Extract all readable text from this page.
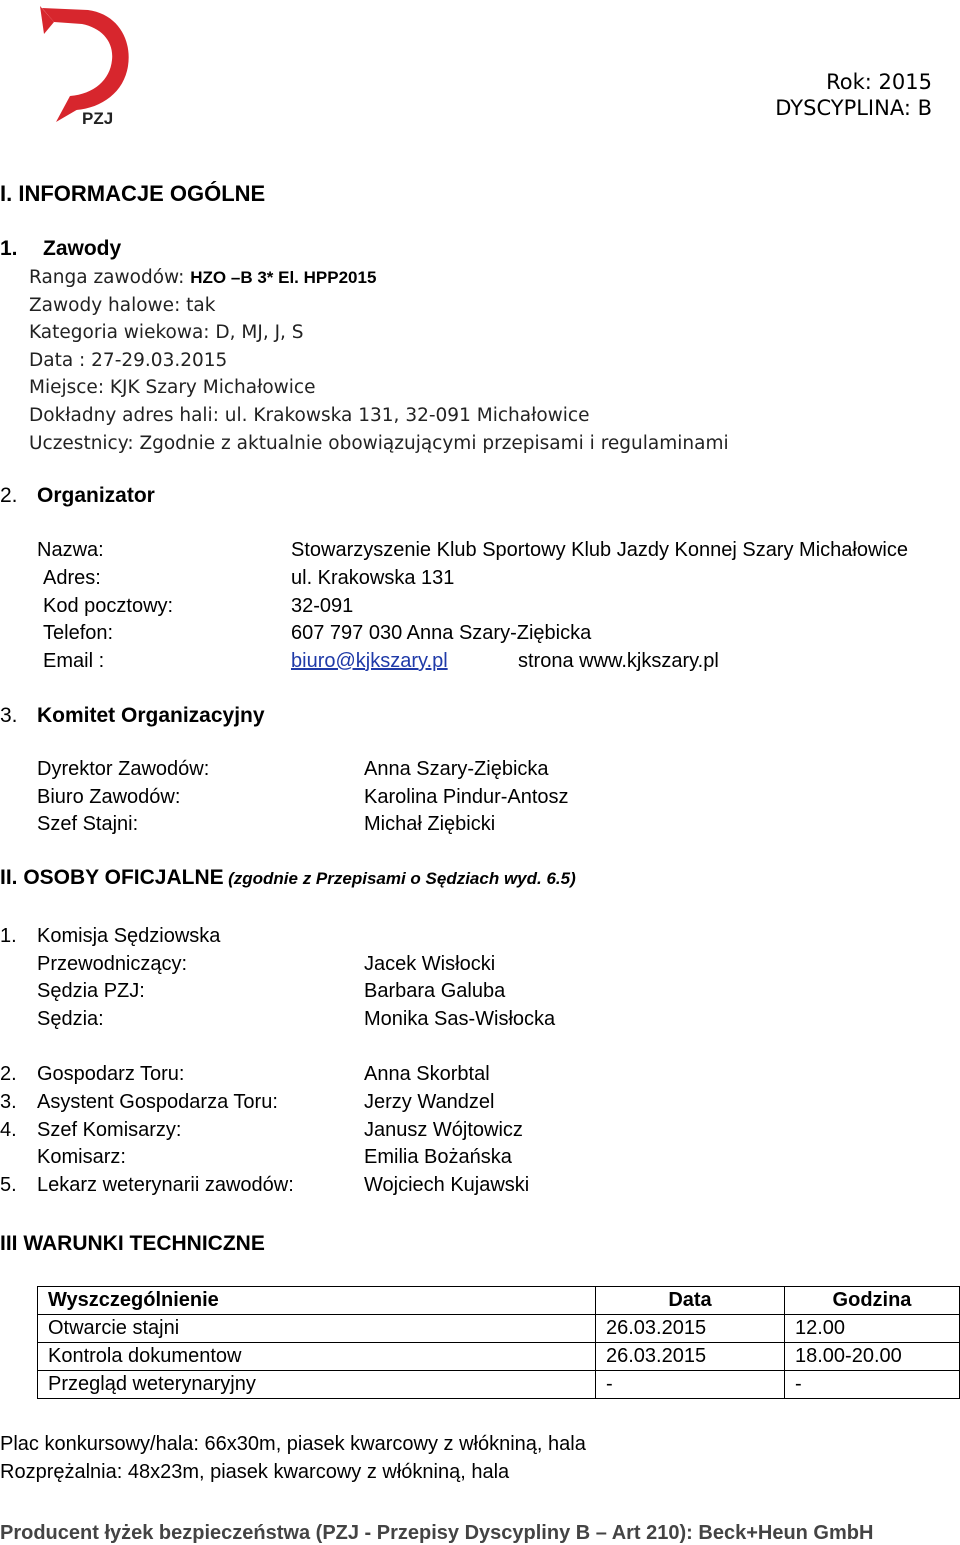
PZJ
Rok: 2015
DYSCYPLINA: B
I. INFORMACJE OGÓLNE
1. Zawody
Ranga zawodów: HZO –B 3* El. HPP2015
Zawody halowe: tak
Kategoria wiekowa: D, MJ, J, S
Data : 27-29.03.2015
Miejsce: KJK Szary Michałowice
Dokładny adres hali: ul. Krakowska 131, 32-091 Michałowice
Uczestnicy: Zgodnie z aktualnie obowiązującymi przepisami i regulaminami
2. Organizator
Nazwa:	Stowarzyszenie Klub Sportowy Klub Jazdy Konnej Szary Michałowice
Adres:	ul. Krakowska 131
Kod pocztowy:	32-091
Telefon:	607 797 030 Anna Szary-Ziębicka
Email :	biuro@kjkszary.pl	strona www.kjkszary.pl
3. Komitet Organizacyjny
Dyrektor Zawodów:	Anna Szary-Ziębicka
Biuro Zawodów:	Karolina Pindur-Antosz
Szef Stajni:	Michał Ziębicki
II. OSOBY OFICJALNE (zgodnie z Przepisami o Sędziach wyd. 6.5)
1. Komisja Sędziowska
Przewodniczący:	Jacek Wisłocki
Sędzia PZJ:	Barbara Galuba
Sędzia:	Monika Sas-Wisłocka
2. Gospodarz Toru:	Anna Skorbtal
3. Asystent Gospodarza Toru:	Jerzy Wandzel
4. Szef Komisarzy:	Janusz Wójtowicz
Komisarz:	Emilia Bożańska
5. Lekarz weterynarii zawodów:	Wojciech Kujawski
III WARUNKI TECHNICZNE
Wyszczególnienie	Data	Godzina
Otwarcie stajni	26.03.2015	12.00
Kontrola dokumentow	26.03.2015	18.00-20.00
Przegląd weterynaryjny	-	-
Plac konkursowy/hala: 66x30m, piasek kwarcowy z włókniną, hala
Rozprężalnia: 48x23m, piasek kwarcowy z włókniną, hala
Producent łyżek bezpieczeństwa (PZJ - Przepisy Dyscypliny B – Art 210): Beck+Heun GmbH
